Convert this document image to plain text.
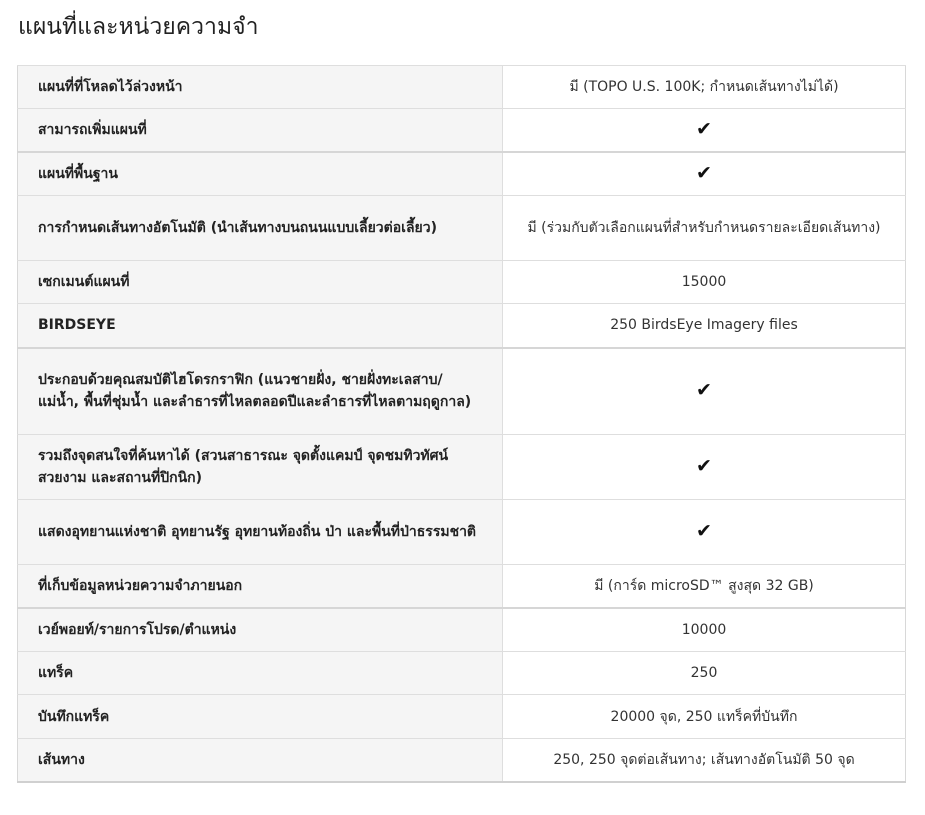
แผนที่และหน่วยความจำ
แผนที่ที่โหลดไว้ล่วงหน้า	มี (TOPO U.S. 100K; กำหนดเส้นทางไม่ได้)
สามารถเพิ่มแผนที่	✔
แผนที่พื้นฐาน	✔
การกำหนดเส้นทางอัตโนมัติ (นำเส้นทางบนถนนแบบเลี้ยวต่อเลี้ยว)	มี (ร่วมกับตัวเลือกแผนที่สำหรับกำหนดรายละเอียดเส้นทาง)
เซกเมนต์แผนที่	15000
BIRDSEYE	250 BirdsEye Imagery files
ประกอบด้วยคุณสมบัติไฮโดรกราฟิก (แนวชายฝั่ง, ชายฝั่งทะเลสาบ/แม่น้ำ, พื้นที่ชุ่มน้ำ และลำธารที่ไหลตลอดปีและลำธารที่ไหลตามฤดูกาล)	✔
รวมถึงจุดสนใจที่ค้นหาได้ (สวนสาธารณะ จุดตั้งแคมป์ จุดชมทิวทัศน์สวยงาม และสถานที่ปิกนิก)	✔
แสดงอุทยานแห่งชาติ อุทยานรัฐ อุทยานท้องถิ่น ป่า และพื้นที่ป่าธรรมชาติ	✔
ที่เก็บข้อมูลหน่วยความจำภายนอก	มี (การ์ด microSD™ สูงสุด 32 GB)
เวย์พอยท์/รายการโปรด/ตำแหน่ง	10000
แทร็ค	250
บันทึกแทร็ค	20000 จุด, 250 แทร็คที่บันทึก
เส้นทาง	250, 250 จุดต่อเส้นทาง; เส้นทางอัตโนมัติ 50 จุด
